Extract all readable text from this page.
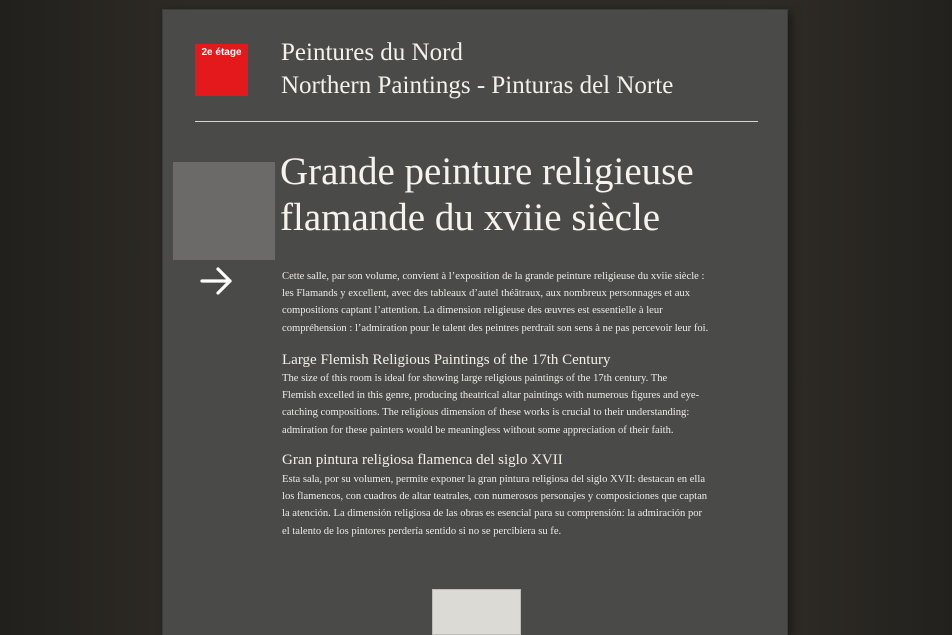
2e étage Peintures du Nord
Northern Paintings - Pinturas del Norte
Grande peinture religieuse
flamande du xviie siècle
Cette salle, par son volume, convient à l’exposition de la grande peinture religieuse du xviie siècle :
les Flamands y excellent, avec des tableaux d’autel théâtraux, aux nombreux personnages et aux
compositions captant l’attention. La dimension religieuse des œuvres est essentielle à leur
compréhension : l’admiration pour le talent des peintres perdrait son sens à ne pas percevoir leur foi.
Large Flemish Religious Paintings of the 17th Century
The size of this room is ideal for showing large religious paintings of the 17th century. The
Flemish excelled in this genre, producing theatrical altar paintings with numerous figures and eye-
catching compositions. The religious dimension of these works is crucial to their understanding:
admiration for these painters would be meaningless without some appreciation of their faith.
Gran pintura religiosa flamenca del siglo XVII
Esta sala, por su volumen, permite exponer la gran pintura religiosa del siglo XVII: destacan en ella
los flamencos, con cuadros de altar teatrales, con numerosos personajes y composiciones que captan
la atención. La dimensión religiosa de las obras es esencial para su comprensión: la admiración por
el talento de los pintores perdería sentido si no se percibiera su fe.
